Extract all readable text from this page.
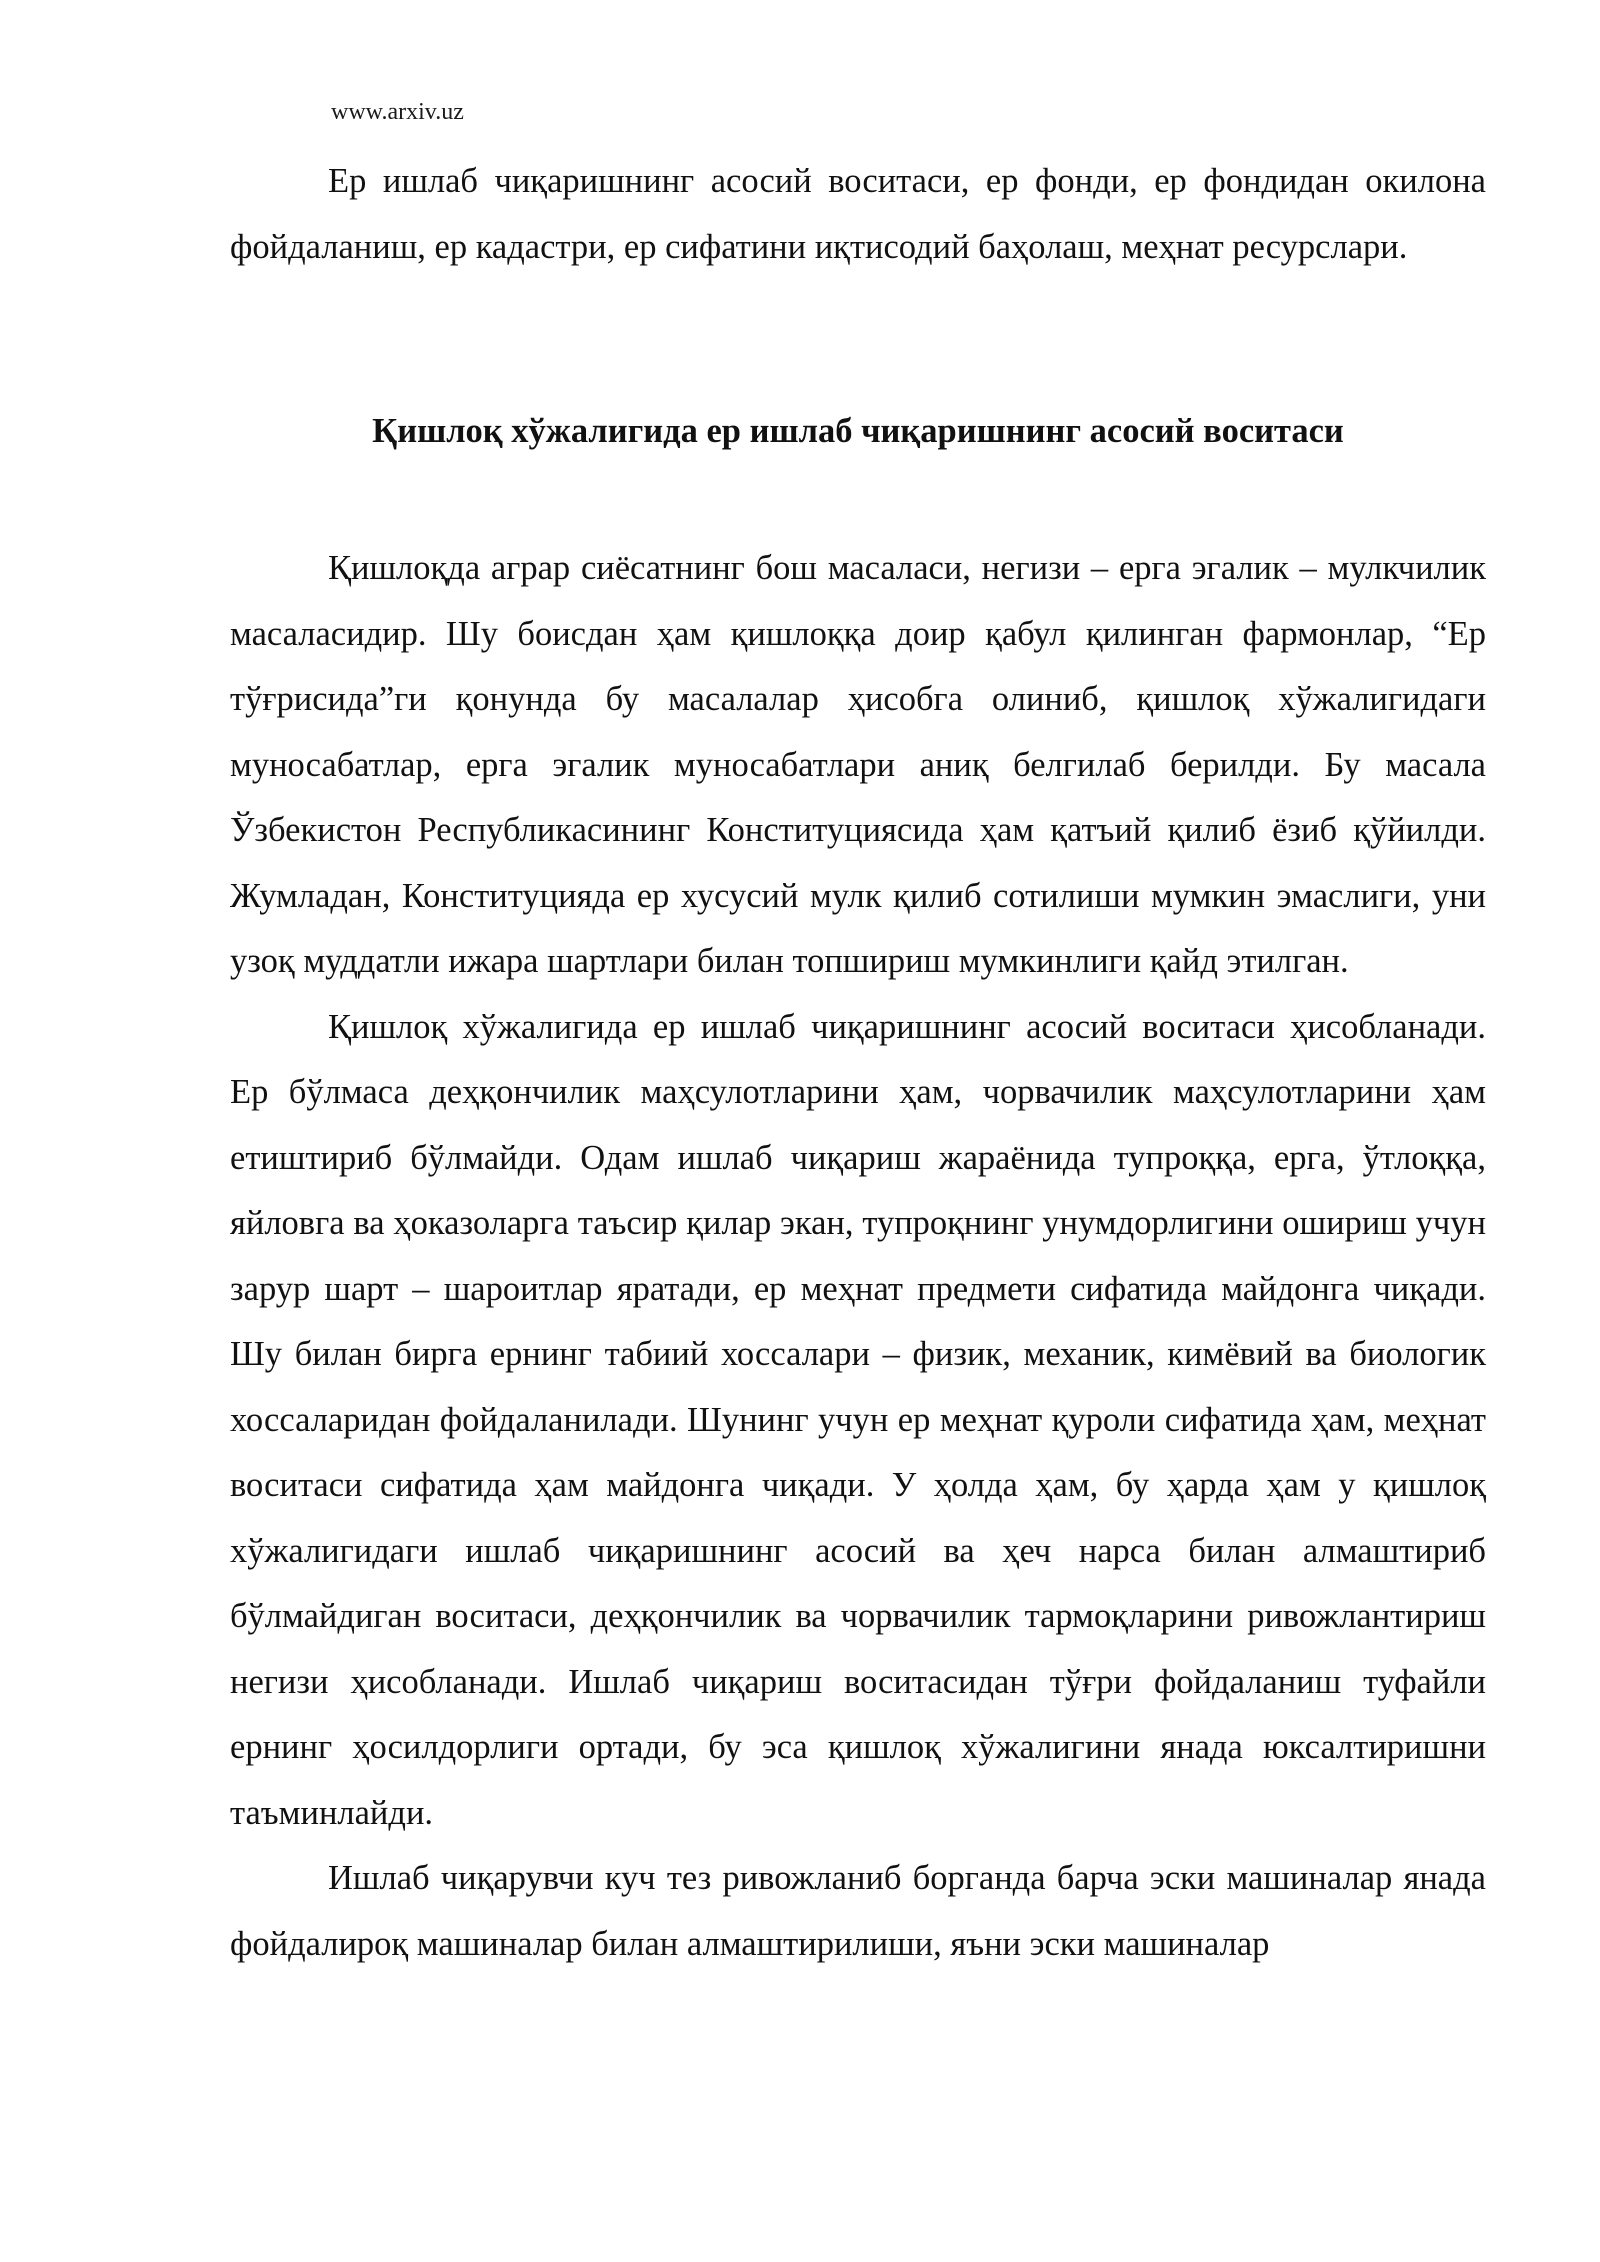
www.arxiv.uz

Ер ишлаб чиқаришнинг асосий воситаси, ер фонди, ер фондидан окилона фойдаланиш, ер кадастри, ер сифатини иқтисодий баҳолаш, меҳнат ресурслари.

Қишлоқ хўжалигида ер ишлаб чиқаришнинг асосий воситаси

Қишлоқда аграр сиёсатнинг бош масаласи, негизи – ерга эгалик – мулкчилик масаласидир. Шу боисдан ҳам қишлоққа доир қабул қилинган фармонлар, “Ер тўғрисида”ги қонунда бу масалалар ҳисобга олиниб, қишлоқ хўжалигидаги муносабатлар, ерга эгалик муносабатлари аниқ белгилаб берилди. Бу масала Ўзбекистон Республикасининг Конституциясида ҳам қатъий қилиб ёзиб қўйилди. Жумладан, Конституцияда ер хусусий мулк қилиб сотилиши мумкин эмаслиги, уни узоқ муддатли ижара шартлари билан топшириш мумкинлиги қайд этилган.

Қишлоқ хўжалигида ер ишлаб чиқаришнинг асосий воситаси ҳисобланади. Ер бўлмаса деҳқончилик маҳсулотларини ҳам, чорвачилик маҳсулотларини ҳам етиштириб бўлмайди. Одам ишлаб чиқариш жараёнида тупроққа, ерга, ўтлоққа, яйловга ва ҳоказоларга таъсир қилар экан, тупроқнинг унумдорлигини ошириш учун зарур шарт – шароитлар яратади, ер меҳнат предмети сифатида майдонга чиқади. Шу билан бирга ернинг табиий хоссалари – физик, механик, кимёвий ва биологик хоссаларидан фойдаланилади. Шунинг учун ер меҳнат қуроли сифатида ҳам, меҳнат воситаси сифатида ҳам майдонга чиқади. У ҳолда ҳам, бу ҳарда ҳам у қишлоқ хўжалигидаги ишлаб чиқаришнинг асосий ва ҳеч нарса билан алмаштириб бўлмайдиган воситаси, деҳқончилик ва чорвачилик тармоқларини ривожлантириш негизи ҳисобланади. Ишлаб чиқариш воситасидан тўғри фойдаланиш туфайли ернинг ҳосилдорлиги ортади, бу эса қишлоқ хўжалигини янада юксалтиришни таъминлайди.

Ишлаб чиқарувчи куч тез ривожланиб борганда барча эски машиналар янада фойдалироқ машиналар билан алмаштирилиши, яъни эски машиналар
